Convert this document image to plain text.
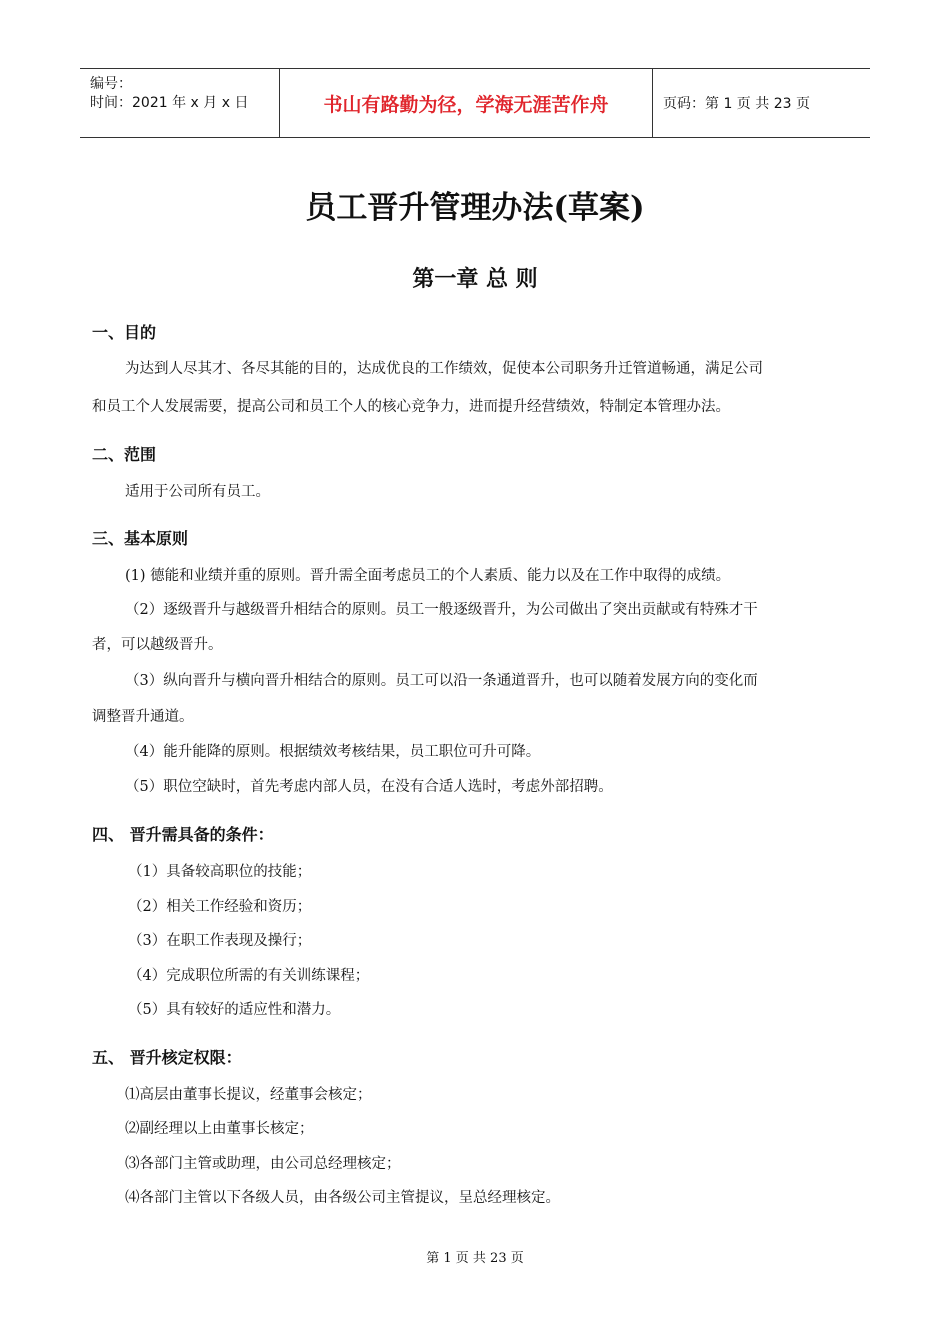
编号：
时间：2021 年 x 月 x 日	书山有路勤为径，学海无涯苦作舟	页码：第 1 页 共 23 页
员工晋升管理办法(草案)
第一章 总 则
一、目的
为达到人尽其才、各尽其能的目的，达成优良的工作绩效，促使本公司职务升迁管道畅通，满足公司
和员工个人发展需要，提高公司和员工个人的核心竞争力，进而提升经营绩效，特制定本管理办法。
二、范围
适用于公司所有员工。
三、基本原则
(1) 德能和业绩并重的原则。晋升需全面考虑员工的个人素质、能力以及在工作中取得的成绩。
（2）逐级晋升与越级晋升相结合的原则。员工一般逐级晋升，为公司做出了突出贡献或有特殊才干
者，可以越级晋升。
（3）纵向晋升与横向晋升相结合的原则。员工可以沿一条通道晋升，也可以随着发展方向的变化而
调整晋升通道。
（4）能升能降的原则。根据绩效考核结果，员工职位可升可降。
（5）职位空缺时，首先考虑内部人员，在没有合适人选时，考虑外部招聘。
四、 晋升需具备的条件：
（1）具备较高职位的技能；
（2）相关工作经验和资历；
（3）在职工作表现及操行；
（4）完成职位所需的有关训练课程；
（5）具有较好的适应性和潜力。
五、 晋升核定权限：
⑴高层由董事长提议，经董事会核定；
⑵副经理以上由董事长核定；
⑶各部门主管或助理，由公司总经理核定；
⑷各部门主管以下各级人员，由各级公司主管提议，呈总经理核定。
第 1 页 共 23 页
